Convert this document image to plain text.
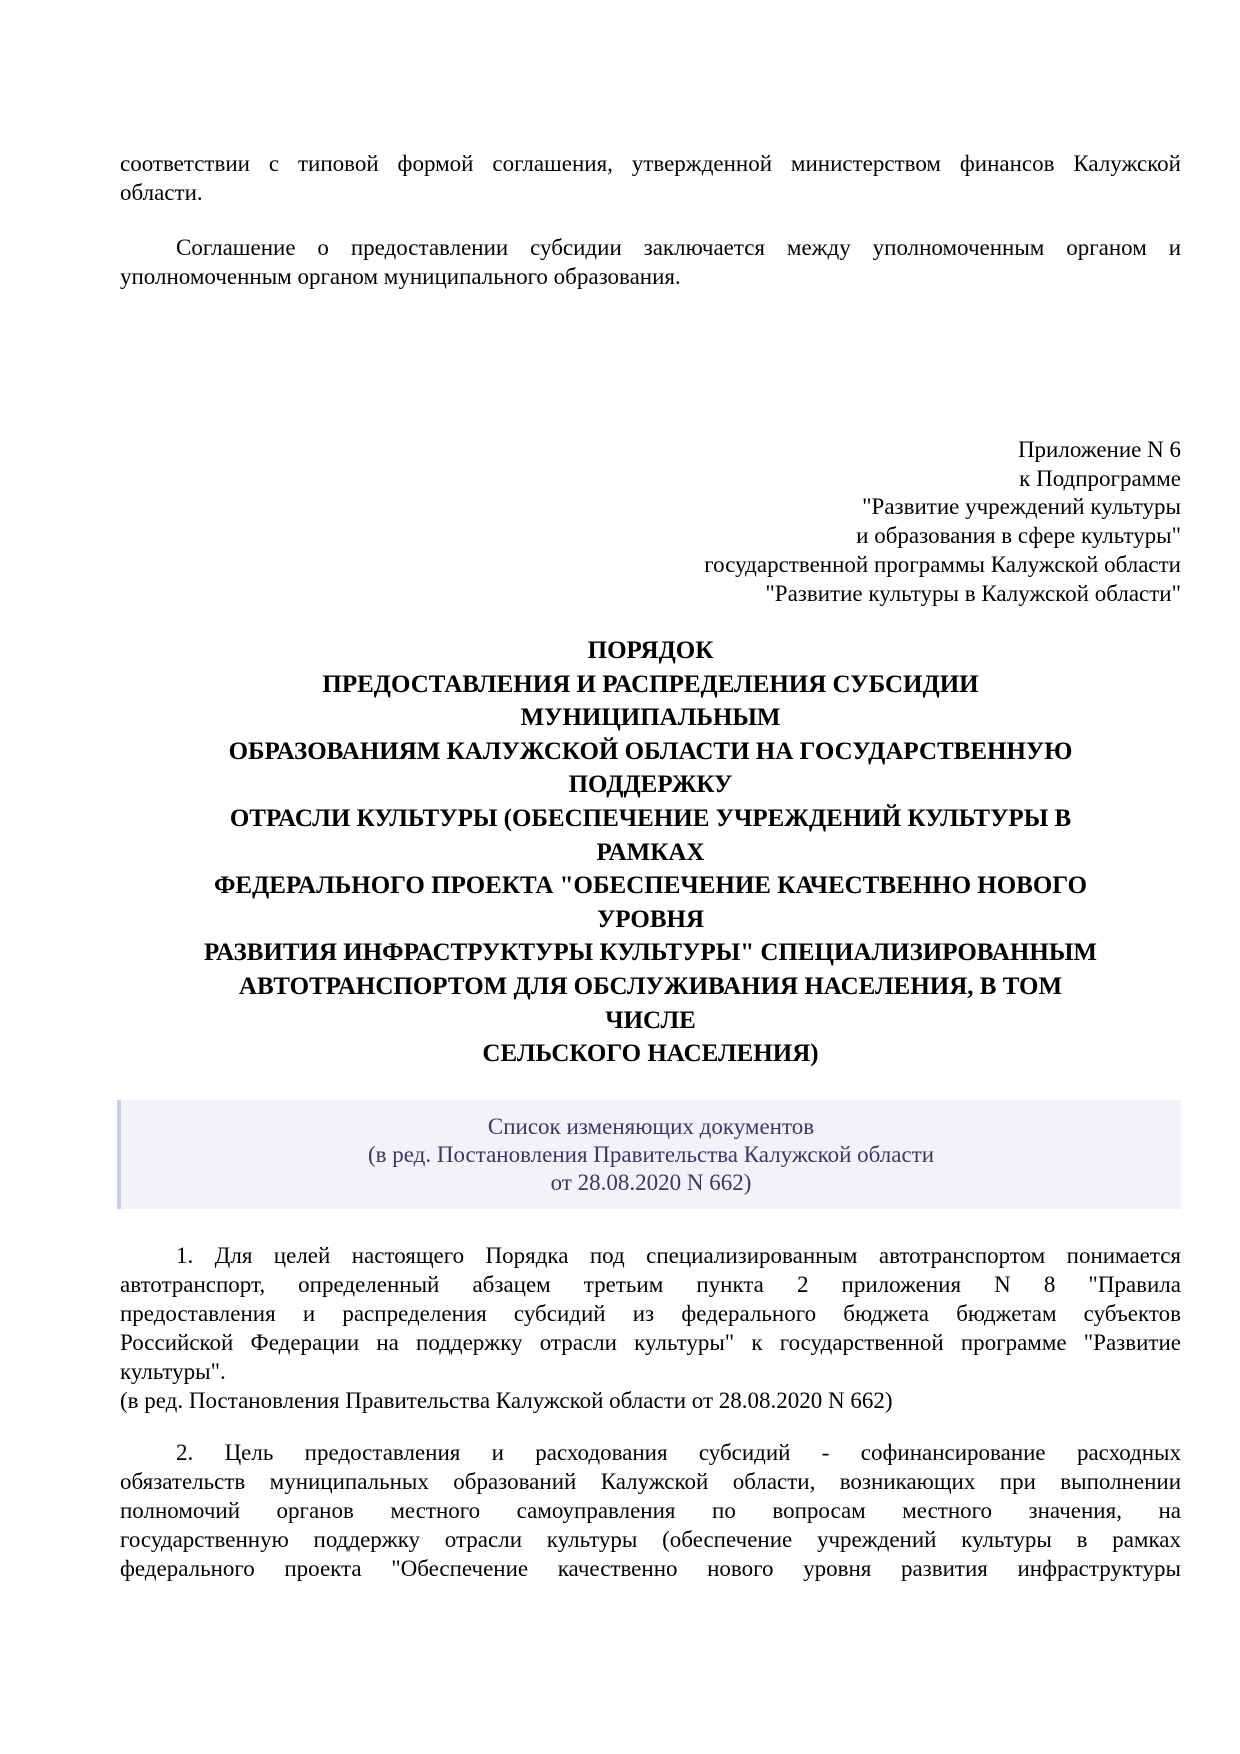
соответствии с типовой формой соглашения, утвержденной министерством финансов Калужской
области.
Соглашение о предоставлении субсидии заключается между уполномоченным органом и
уполномоченным органом муниципального образования.
Приложение N 6
к Подпрограмме
"Развитие учреждений культуры
и образования в сфере культуры"
государственной программы Калужской области
"Развитие культуры в Калужской области"
ПОРЯДОК
ПРЕДОСТАВЛЕНИЯ И РАСПРЕДЕЛЕНИЯ СУБСИДИИ
МУНИЦИПАЛЬНЫМ
ОБРАЗОВАНИЯМ КАЛУЖСКОЙ ОБЛАСТИ НА ГОСУДАРСТВЕННУЮ
ПОДДЕРЖКУ
ОТРАСЛИ КУЛЬТУРЫ (ОБЕСПЕЧЕНИЕ УЧРЕЖДЕНИЙ КУЛЬТУРЫ В
РАМКАХ
ФЕДЕРАЛЬНОГО ПРОЕКТА "ОБЕСПЕЧЕНИЕ КАЧЕСТВЕННО НОВОГО
УРОВНЯ
РАЗВИТИЯ ИНФРАСТРУКТУРЫ КУЛЬТУРЫ" СПЕЦИАЛИЗИРОВАННЫМ
АВТОТРАНСПОРТОМ ДЛЯ ОБСЛУЖИВАНИЯ НАСЕЛЕНИЯ, В ТОМ
ЧИСЛЕ
СЕЛЬСКОГО НАСЕЛЕНИЯ)
Список изменяющих документов
(в ред. Постановления Правительства Калужской области
от 28.08.2020 N 662)
1. Для целей настоящего Порядка под специализированным автотранспортом понимается
автотранспорт, определенный абзацем третьим пункта 2 приложения N 8 "Правила
предоставления и распределения субсидий из федерального бюджета бюджетам субъектов
Российской Федерации на поддержку отрасли культуры" к государственной программе "Развитие
культуры".
(в ред. Постановления Правительства Калужской области от 28.08.2020 N 662)
2. Цель предоставления и расходования субсидий - софинансирование расходных
обязательств муниципальных образований Калужской области, возникающих при выполнении
полномочий органов местного самоуправления по вопросам местного значения, на
государственную поддержку отрасли культуры (обеспечение учреждений культуры в рамках
федерального проекта "Обеспечение качественно нового уровня развития инфраструктуры
